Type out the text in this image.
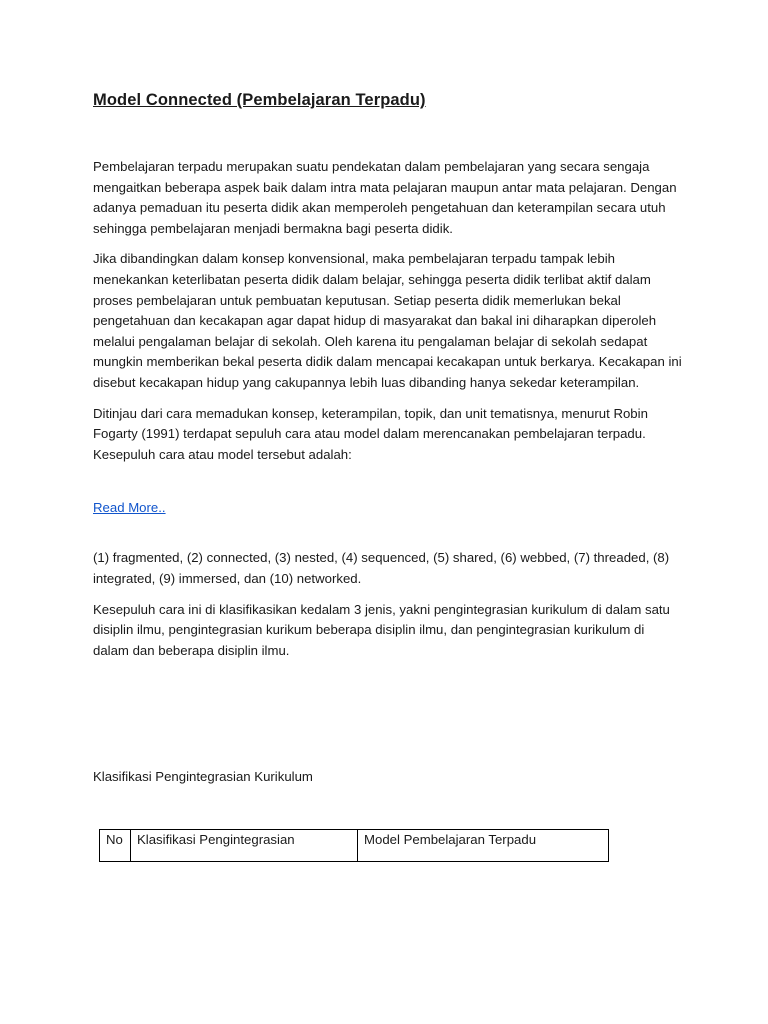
Model Connected (Pembelajaran Terpadu)

Pembelajaran terpadu merupakan suatu pendekatan dalam pembelajaran yang secara sengaja mengaitkan beberapa aspek baik dalam intra mata pelajaran maupun antar mata pelajaran. Dengan adanya pemaduan itu peserta didik akan memperoleh pengetahuan dan keterampilan secara utuh sehingga pembelajaran menjadi bermakna bagi peserta didik.

Jika dibandingkan dalam konsep konvensional, maka pembelajaran terpadu tampak lebih menekankan keterlibatan peserta didik dalam belajar, sehingga peserta didik terlibat aktif dalam proses pembelajaran untuk pembuatan keputusan. Setiap peserta didik memerlukan bekal pengetahuan dan kecakapan agar dapat hidup di masyarakat dan bakal ini diharapkan diperoleh melalui pengalaman belajar di sekolah. Oleh karena itu pengalaman belajar di sekolah sedapat mungkin memberikan bekal peserta didik dalam mencapai kecakapan untuk berkarya. Kecakapan ini disebut kecakapan hidup yang cakupannya lebih luas dibanding hanya sekedar keterampilan.

Ditinjau dari cara memadukan konsep, keterampilan, topik, dan unit tematisnya, menurut Robin Fogarty (1991) terdapat sepuluh cara atau model dalam merencanakan pembelajaran terpadu. Kesepuluh cara atau model tersebut adalah:

Read More..

(1) fragmented, (2) connected, (3) nested, (4) sequenced, (5) shared, (6) webbed, (7) threaded, (8) integrated, (9) immersed, dan (10) networked.

Kesepuluh cara ini di klasifikasikan kedalam 3 jenis, yakni pengintegrasian kurikulum di dalam satu disiplin ilmu, pengintegrasian kurikum beberapa disiplin ilmu, dan pengintegrasian kurikulum di dalam dan beberapa disiplin ilmu.

Klasifikasi Pengintegrasian Kurikulum
No	Klasifikasi Pengintegrasian	Model Pembelajaran Terpadu
